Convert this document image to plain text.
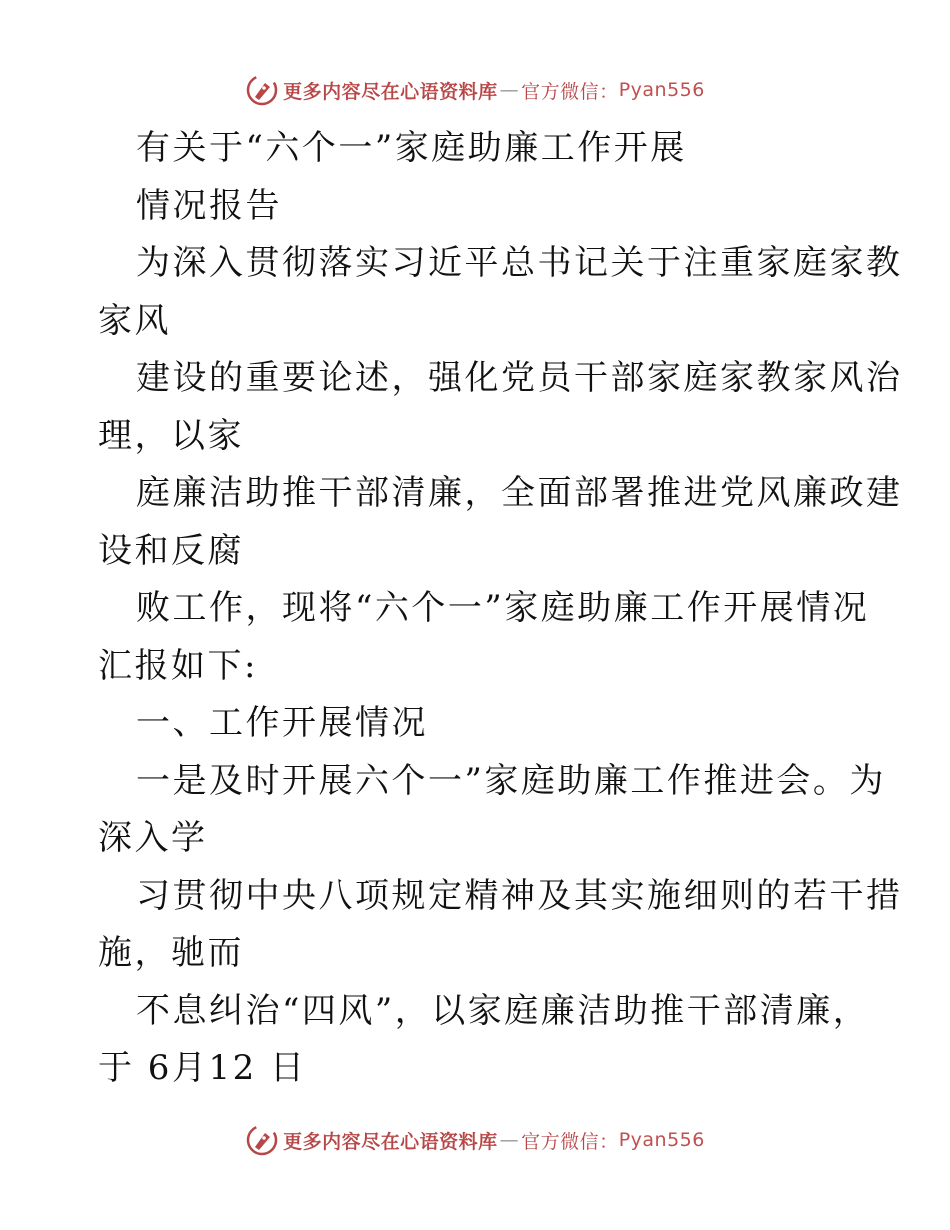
更多内容尽在心语资料库 — 官方微信： Pyan556
有关于“六个一”家庭助廉工作开展
情况报告
为深入贯彻落实习近平总书记关于注重家庭家教
家风
建设的重要论述，强化党员干部家庭家教家风治
理，以家
庭廉洁助推干部清廉，全面部署推进党风廉政建
设和反腐
败工作，现将“六个一”家庭助廉工作开展情况
汇报如下:
一、工作开展情况
一是及时开展六个一”家庭助廉工作推进会。为
深入学
习贯彻中央八项规定精神及其实施细则的若干措
施，驰而
不息纠治“四风”，以家庭廉洁助推干部清廉，
于 6月12 日
更多内容尽在心语资料库 — 官方微信： Pyan556
